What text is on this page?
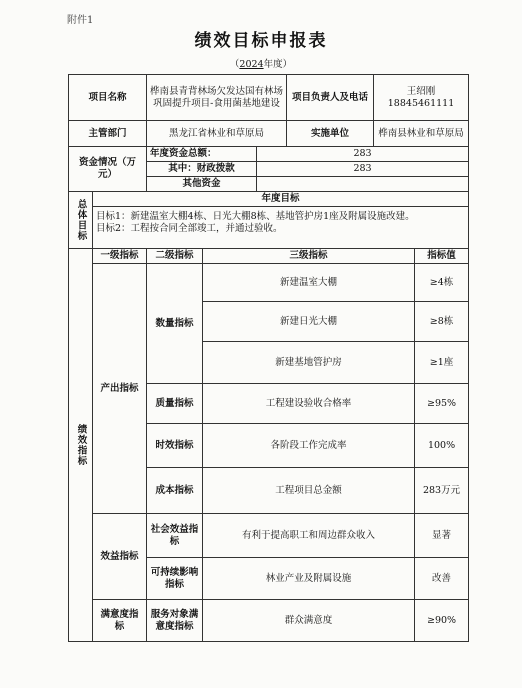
附件1
绩效目标申报表
（2024年度）
项目名称		桦南县青背林场欠发达国有林场巩固提升项目-食用菌基地建设			项目负责人及电话	王绍刚 18845461111	
主管部门		黑龙江省林业和草原局			实施单位	桦南县林业和草原局	
资金情况（万元）		年度资金总额：		283			
		其中：财政拨款		283			
		其他资金					
总体目标	年度目标						

	目标1：新建温室大棚4栋、日光大棚8栋、基地管护房1座及附属设施改建。
目标2：工程按合同全部竣工，并通过验收。						

绩效指标	一级指标	二级指标	三级指标				指标值
	产出指标	数量指标	新建温室大棚				≥4栋
			新建日光大棚				≥8栋
			新建基地管护房				≥1座
		质量指标	工程建设验收合格率				≥95%
		时效指标	各阶段工作完成率				100%
		成本指标	工程项目总金额				283万元
	效益指标	社会效益指标	有利于提高职工和周边群众收入				显著
		可持续影响指标	林业产业及附属设施				改善
	满意度指标	服务对象满意度指标	群众满意度				≥90%
